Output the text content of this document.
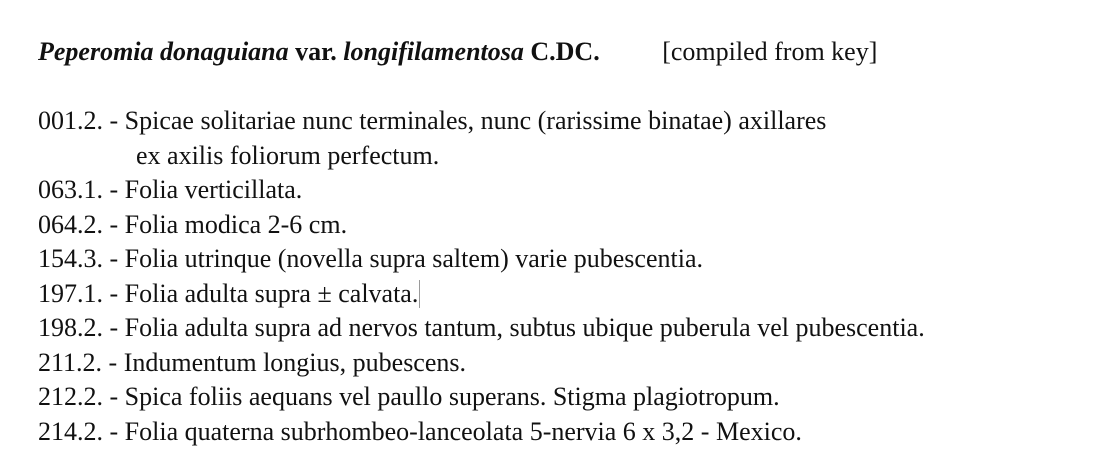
Peperomia donaguiana var. longifilamentosa C.DC. [compiled from key]
001.2. - Spicae solitariae nunc terminales, nunc (rarissime binatae) axillares
ex axilis foliorum perfectum.
063.1. - Folia verticillata.
064.2. - Folia modica 2-6 cm.
154.3. - Folia utrinque (novella supra saltem) varie pubescentia.
197.1. - Folia adulta supra ± calvata.
198.2. - Folia adulta supra ad nervos tantum, subtus ubique puberula vel pubescentia.
211.2. - Indumentum longius, pubescens.
212.2. - Spica foliis aequans vel paullo superans. Stigma plagiotropum.
214.2. - Folia quaterna subrhombeo-lanceolata 5-nervia 6 x 3,2 - Mexico.
